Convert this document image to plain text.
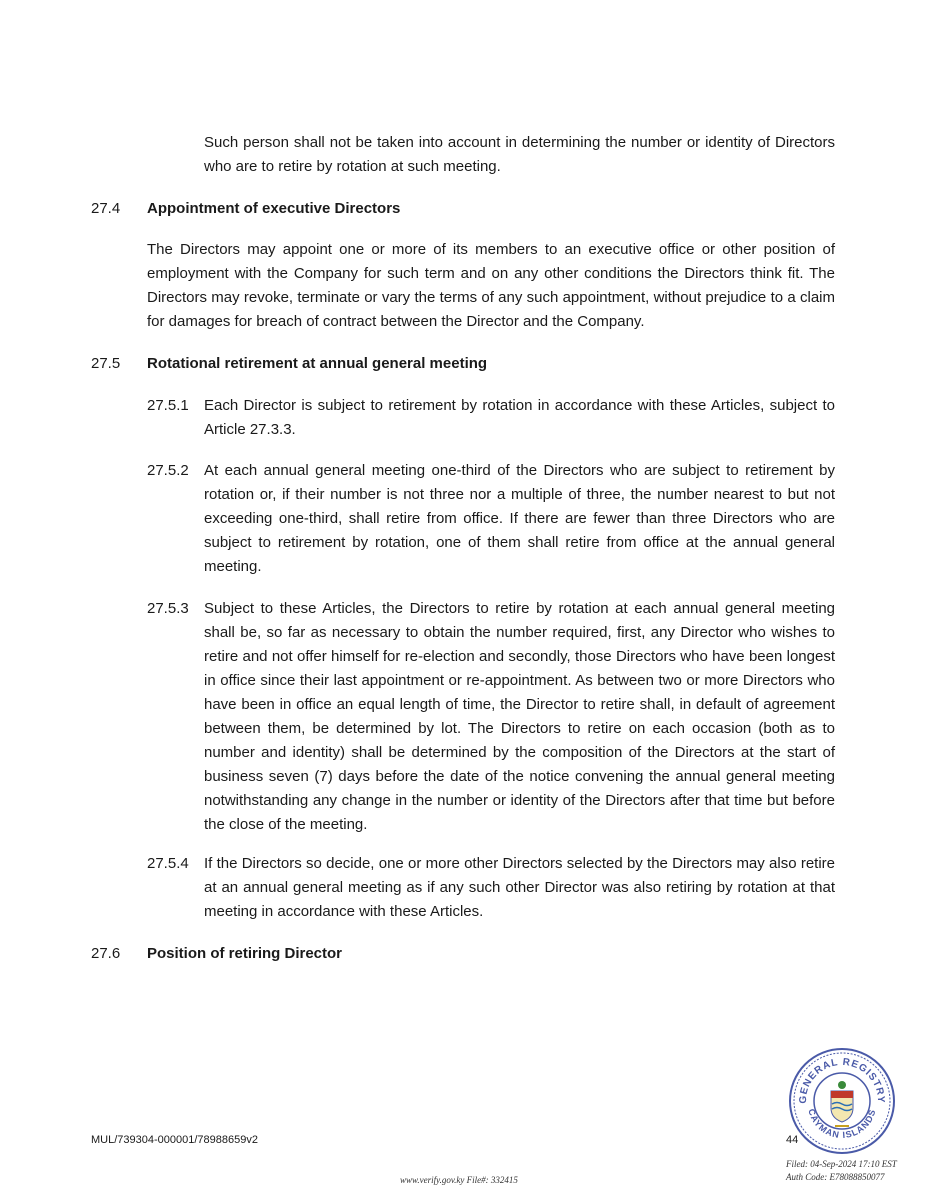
Such person shall not be taken into account in determining the number or identity of Directors who are to retire by rotation at such meeting.

27.4 Appointment of executive Directors

The Directors may appoint one or more of its members to an executive office or other position of employment with the Company for such term and on any other conditions the Directors think fit. The Directors may revoke, terminate or vary the terms of any such appointment, without prejudice to a claim for damages for breach of contract between the Director and the Company.

27.5 Rotational retirement at annual general meeting
27.5.1 Each Director is subject to retirement by rotation in accordance with these Articles, subject to Article 27.3.3.

27.5.2 At each annual general meeting one-third of the Directors who are subject to retirement by rotation or, if their number is not three nor a multiple of three, the number nearest to but not exceeding one-third, shall retire from office. If there are fewer than three Directors who are subject to retirement by rotation, one of them shall retire from office at the annual general meeting.

27.5.3 Subject to these Articles, the Directors to retire by rotation at each annual general meeting shall be, so far as necessary to obtain the number required, first, any Director who wishes to retire and not offer himself for re-election and secondly, those Directors who have been longest in office since their last appointment or re-appointment. As between two or more Directors who have been in office an equal length of time, the Director to retire shall, in default of agreement between them, be determined by lot. The Directors to retire on each occasion (both as to number and identity) shall be determined by the composition of the Directors at the start of business seven (7) days before the date of the notice convening the annual general meeting notwithstanding any change in the number or identity of the Directors after that time but before the close of the meeting.

27.5.4 If the Directors so decide, one or more other Directors selected by the Directors may also retire at an annual general meeting as if any such other Director was also retiring by rotation at that meeting in accordance with these Articles.

27.6 Position of retiring Director
GENERAL REGISTRY
CAYMAN ISLANDS
MUL/739304-000001/78988659v2	44
Filed: 04-Sep-2024 17:10 EST
Auth Code: E78088850077
www.verify.gov.ky File#: 332415
